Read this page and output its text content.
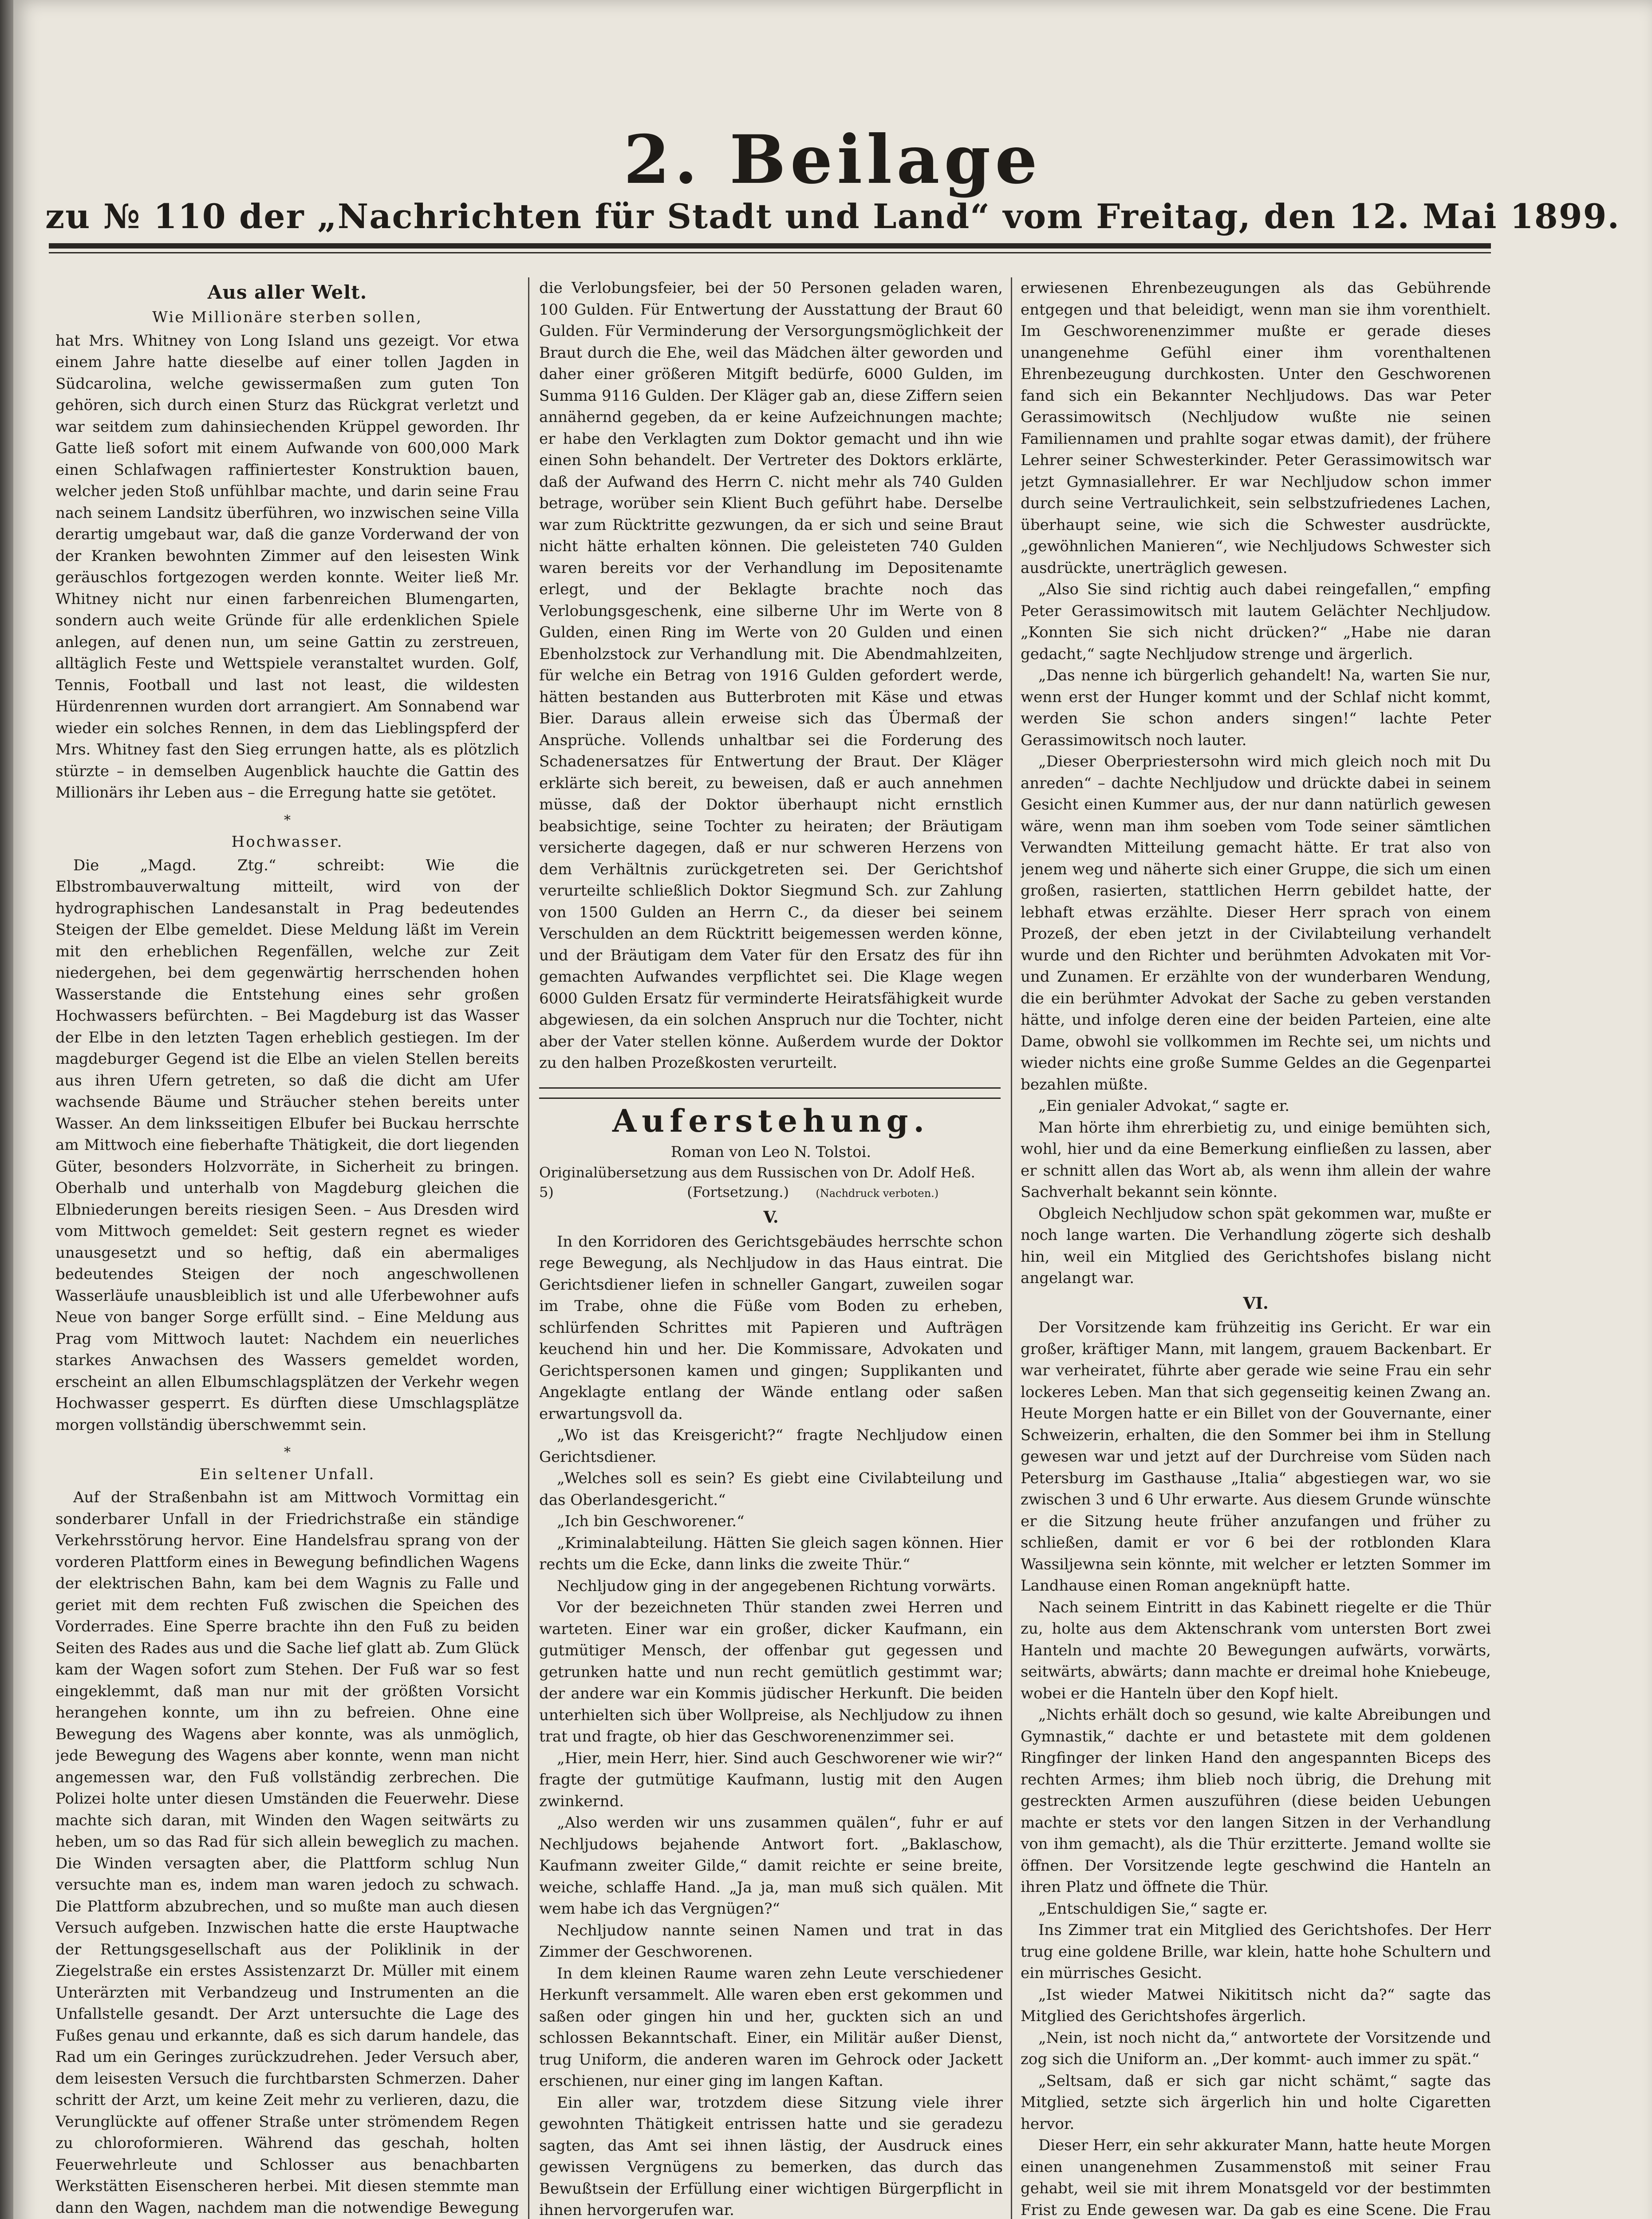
2. Beilage
zu № 110 der „Nachrichten für Stadt und Land“ vom Freitag, den 12. Mai 1899.
Aus aller Welt.
Wie Millionäre sterben sollen,

hat Mrs. Whitney von Long Island uns gezeigt. Vor etwa einem Jahre hatte dieselbe auf einer tollen Jagden in Südcarolina, welche gewissermaßen zum guten Ton gehören, sich durch einen Sturz das Rückgrat verletzt und war seitdem zum dahinsiechenden Krüppel geworden. Ihr Gatte ließ sofort mit einem Aufwande von 600,000 Mark einen Schlafwagen raffiniertester Konstruktion bauen, welcher jeden Stoß unfühlbar machte, und darin seine Frau nach seinem Landsitz überführen, wo inzwischen seine Villa derartig umgebaut war, daß die ganze Vorderwand der von der Kranken bewohnten Zimmer auf den leisesten Wink geräuschlos fortgezogen werden konnte. Weiter ließ Mr. Whitney nicht nur einen farbenreichen Blumengarten, sondern auch weite Gründe für alle erdenklichen Spiele anlegen, auf denen nun, um seine Gattin zu zerstreuen, alltäglich Feste und Wettspiele veranstaltet wurden. Golf, Tennis, Football und last not least, die wildesten Hürdenrennen wurden dort arrangiert. Am Sonnabend war wieder ein solches Rennen, in dem das Lieblingspferd der Mrs. Whitney fast den Sieg errungen hatte, als es plötzlich stürzte – in demselben Augenblick hauchte die Gattin des Millionärs ihr Leben aus – die Erregung hatte sie getötet.

*
Hochwasser.

Die „Magd. Ztg.“ schreibt: Wie die Elbstrombauverwaltung mitteilt, wird von der hydrographischen Landesanstalt in Prag bedeutendes Steigen der Elbe gemeldet. Diese Meldung läßt im Verein mit den erheblichen Regenfällen, welche zur Zeit niedergehen, bei dem gegenwärtig herrschenden hohen Wasserstande die Entstehung eines sehr großen Hochwassers befürchten. – Bei Magdeburg ist das Wasser der Elbe in den letzten Tagen erheblich gestiegen. Im der magdeburger Gegend ist die Elbe an vielen Stellen bereits aus ihren Ufern getreten, so daß die dicht am Ufer wachsende Bäume und Sträucher stehen bereits unter Wasser. An dem linksseitigen Elbufer bei Buckau herrschte am Mittwoch eine fieberhafte Thätigkeit, die dort liegenden Güter, besonders Holzvorräte, in Sicherheit zu bringen. Oberhalb und unterhalb von Magdeburg gleichen die Elbniederungen bereits riesigen Seen. – Aus Dresden wird vom Mittwoch gemeldet: Seit gestern regnet es wieder unausgesetzt und so heftig, daß ein abermaliges bedeutendes Steigen der noch angeschwollenen Wasserläufe unausbleiblich ist und alle Uferbewohner aufs Neue von banger Sorge erfüllt sind. – Eine Meldung aus Prag vom Mittwoch lautet: Nachdem ein neuerliches starkes Anwachsen des Wassers gemeldet worden, erscheint an allen Elbumschlagsplätzen der Verkehr wegen Hochwasser gesperrt. Es dürften diese Umschlagsplätze morgen vollständig überschwemmt sein.

*
Ein seltener Unfall.

Auf der Straßenbahn ist am Mittwoch Vormittag ein sonderbarer Unfall in der Friedrichstraße ein ständige Verkehrsstörung hervor. Eine Handelsfrau sprang von der vorderen Plattform eines in Bewegung befindlichen Wagens der elektrischen Bahn, kam bei dem Wagnis zu Falle und geriet mit dem rechten Fuß zwischen die Speichen des Vorderrades. Eine Sperre brachte ihn den Fuß zu beiden Seiten des Rades aus und die Sache lief glatt ab. Zum Glück kam der Wagen sofort zum Stehen. Der Fuß war so fest eingeklemmt, daß man nur mit der größten Vorsicht herangehen konnte, um ihn zu befreien. Ohne eine Bewegung des Wagens aber konnte, was als unmöglich, jede Bewegung des Wagens aber konnte, wenn man nicht angemessen war, den Fuß vollständig zerbrechen. Die Polizei holte unter diesen Umständen die Feuerwehr. Diese machte sich daran, mit Winden den Wagen seitwärts zu heben, um so das Rad für sich allein beweglich zu machen. Die Winden versagten aber, die Plattform schlug Nun versuchte man es, indem man waren jedoch zu schwach. Die Plattform abzubrechen, und so mußte man auch diesen Versuch aufgeben. Inzwischen hatte die erste Hauptwache der Rettungsgesellschaft aus der Poliklinik in der Ziegelstraße ein erstes Assistenzarzt Dr. Müller mit einem Unterärzten mit Verbandzeug und Instrumenten an die Unfallstelle gesandt. Der Arzt untersuchte die Lage des Fußes genau und erkannte, daß es sich darum handele, das Rad um ein Geringes zurückzudrehen. Jeder Versuch aber, dem leisesten Versuch die furchtbarsten Schmerzen. Daher schritt der Arzt, um keine Zeit mehr zu verlieren, dazu, die Verunglückte auf offener Straße unter strömendem Regen zu chloroformieren. Während das geschah, holten Feuerwehrleute und Schlosser aus benachbarten Werkstätten Eisenscheren herbei. Mit diesen stemmte man dann den Wagen, nachdem man die notwendige Bewegung

die Verlobungsfeier, bei der 50 Personen geladen waren, 100 Gulden. Für Entwertung der Ausstattung der Braut 60 Gulden. Für Verminderung der Versorgungsmöglichkeit der Braut durch die Ehe, weil das Mädchen älter geworden und daher einer größeren Mitgift bedürfe, 6000 Gulden, im Summa 9116 Gulden. Der Kläger gab an, diese Ziffern seien annähernd gegeben, da er keine Aufzeichnungen machte; er habe den Verklagten zum Doktor gemacht und ihn wie einen Sohn behandelt. Der Vertreter des Doktors erklärte, daß der Aufwand des Herrn C. nicht mehr als 740 Gulden betrage, worüber sein Klient Buch geführt habe. Derselbe war zum Rücktritte gezwungen, da er sich und seine Braut nicht hätte erhalten können. Die geleisteten 740 Gulden waren bereits vor der Verhandlung im Depositenamte erlegt, und der Beklagte brachte noch das Verlobungsgeschenk, eine silberne Uhr im Werte von 8 Gulden, einen Ring im Werte von 20 Gulden und einen Ebenholzstock zur Verhandlung mit. Die Abendmahlzeiten, für welche ein Betrag von 1916 Gulden gefordert werde, hätten bestanden aus Butterbroten mit Käse und etwas Bier. Daraus allein erweise sich das Übermaß der Ansprüche. Vollends unhaltbar sei die Forderung des Schadenersatzes für Entwertung der Braut. Der Kläger erklärte sich bereit, zu beweisen, daß er auch annehmen müsse, daß der Doktor überhaupt nicht ernstlich beabsichtige, seine Tochter zu heiraten; der Bräutigam versicherte dagegen, daß er nur schweren Herzens von dem Verhältnis zurückgetreten sei. Der Gerichtshof verurteilte schließlich Doktor Siegmund Sch. zur Zahlung von 1500 Gulden an Herrn C., da dieser bei seinem Verschulden an dem Rücktritt beigemessen werden könne, und der Bräutigam dem Vater für den Ersatz des für ihn gemachten Aufwandes verpflichtet sei. Die Klage wegen 6000 Gulden Ersatz für verminderte Heiratsfähigkeit wurde abgewiesen, da ein solchen Anspruch nur die Tochter, nicht aber der Vater stellen könne. Außerdem wurde der Doktor zu den halben Prozeßkosten verurteilt.

Auferstehung.
Roman von Leo N. Tolstoi.
Originalübersetzung aus dem Russischen von Dr. Adolf Heß.
5)	(Fortsetzung.)	(Nachdruck verboten.)
V.

In den Korridoren des Gerichtsgebäudes herrschte schon rege Bewegung, als Nechljudow in das Haus eintrat. Die Gerichtsdiener liefen in schneller Gangart, zuweilen sogar im Trabe, ohne die Füße vom Boden zu erheben, schlürfenden Schrittes mit Papieren und Aufträgen keuchend hin und her. Die Kommissare, Advokaten und Gerichtspersonen kamen und gingen; Supplikanten und Angeklagte entlang der Wände entlang oder saßen erwartungsvoll da.

„Wo ist das Kreisgericht?“ fragte Nechljudow einen Gerichtsdiener.

„Welches soll es sein? Es giebt eine Civilabteilung und das Oberlandesgericht.“

„Ich bin Geschworener.“

„Kriminalabteilung. Hätten Sie gleich sagen können. Hier rechts um die Ecke, dann links die zweite Thür.“

Nechljudow ging in der angegebenen Richtung vorwärts.

Vor der bezeichneten Thür standen zwei Herren und warteten. Einer war ein großer, dicker Kaufmann, ein gutmütiger Mensch, der offenbar gut gegessen und getrunken hatte und nun recht gemütlich gestimmt war; der andere war ein Kommis jüdischer Herkunft. Die beiden unterhielten sich über Wollpreise, als Nechljudow zu ihnen trat und fragte, ob hier das Geschworenenzimmer sei.

„Hier, mein Herr, hier. Sind auch Geschworener wie wir?“ fragte der gutmütige Kaufmann, lustig mit den Augen zwinkernd.

„Also werden wir uns zusammen quälen“, fuhr er auf Nechljudows bejahende Antwort fort. „Baklaschow, Kaufmann zweiter Gilde,“ damit reichte er seine breite, weiche, schlaffe Hand. „Ja ja, man muß sich quälen. Mit wem habe ich das Vergnügen?“

Nechljudow nannte seinen Namen und trat in das Zimmer der Geschworenen.

In dem kleinen Raume waren zehn Leute verschiedener Herkunft versammelt. Alle waren eben erst gekommen und saßen oder gingen hin und her, guckten sich an und schlossen Bekanntschaft. Einer, ein Militär außer Dienst, trug Uniform, die anderen waren im Gehrock oder Jackett erschienen, nur einer ging im langen Kaftan.

Ein aller war, trotzdem diese Sitzung viele ihrer gewohnten Thätigkeit entrissen hatte und sie geradezu sagten, das Amt sei ihnen lästig, der Ausdruck eines gewissen Vergnügens zu bemerken, das durch das Bewußtsein der Erfüllung einer wichtigen Bürgerpflicht in ihnen hervorgerufen war.

erwiesenen Ehrenbezeugungen als das Gebührende entgegen und that beleidigt, wenn man sie ihm vorenthielt. Im Geschworenenzimmer mußte er gerade dieses unangenehme Gefühl einer ihm vorenthaltenen Ehrenbezeugung durchkosten. Unter den Geschworenen fand sich ein Bekannter Nechljudows. Das war Peter Gerassimowitsch (Nechljudow wußte nie seinen Familiennamen und prahlte sogar etwas damit), der frühere Lehrer seiner Schwesterkinder. Peter Gerassimowitsch war jetzt Gymnasiallehrer. Er war Nechljudow schon immer durch seine Vertraulichkeit, sein selbstzufriedenes Lachen, überhaupt seine, wie sich die Schwester ausdrückte, „gewöhnlichen Manieren“, wie Nechljudows Schwester sich ausdrückte, unerträglich gewesen.

„Also Sie sind richtig auch dabei reingefallen,“ empfing Peter Gerassimowitsch mit lautem Gelächter Nechljudow. „Konnten Sie sich nicht drücken?“ „Habe nie daran gedacht,“ sagte Nechljudow strenge und ärgerlich.

„Das nenne ich bürgerlich gehandelt! Na, warten Sie nur, wenn erst der Hunger kommt und der Schlaf nicht kommt, werden Sie schon anders singen!“ lachte Peter Gerassimowitsch noch lauter.

„Dieser Oberpriestersohn wird mich gleich noch mit Du anreden“ – dachte Nechljudow und drückte dabei in seinem Gesicht einen Kummer aus, der nur dann natürlich gewesen wäre, wenn man ihm soeben vom Tode seiner sämtlichen Verwandten Mitteilung gemacht hätte. Er trat also von jenem weg und näherte sich einer Gruppe, die sich um einen großen, rasierten, stattlichen Herrn gebildet hatte, der lebhaft etwas erzählte. Dieser Herr sprach von einem Prozeß, der eben jetzt in der Civilabteilung verhandelt wurde und den Richter und berühmten Advokaten mit Vor- und Zunamen. Er erzählte von der wunderbaren Wendung, die ein berühmter Advokat der Sache zu geben verstanden hätte, und infolge deren eine der beiden Parteien, eine alte Dame, obwohl sie vollkommen im Rechte sei, um nichts und wieder nichts eine große Summe Geldes an die Gegenpartei bezahlen müßte.

„Ein genialer Advokat,“ sagte er.

Man hörte ihm ehrerbietig zu, und einige bemühten sich, wohl, hier und da eine Bemerkung einfließen zu lassen, aber er schnitt allen das Wort ab, als wenn ihm allein der wahre Sachverhalt bekannt sein könnte.

Obgleich Nechljudow schon spät gekommen war, mußte er noch lange warten. Die Verhandlung zögerte sich deshalb hin, weil ein Mitglied des Gerichtshofes bislang nicht angelangt war.

VI.

Der Vorsitzende kam frühzeitig ins Gericht. Er war ein großer, kräftiger Mann, mit langem, grauem Backenbart. Er war verheiratet, führte aber gerade wie seine Frau ein sehr lockeres Leben. Man that sich gegenseitig keinen Zwang an. Heute Morgen hatte er ein Billet von der Gouvernante, einer Schweizerin, erhalten, die den Sommer bei ihm in Stellung gewesen war und jetzt auf der Durchreise vom Süden nach Petersburg im Gasthause „Italia“ abgestiegen war, wo sie zwischen 3 und 6 Uhr erwarte. Aus diesem Grunde wünschte er die Sitzung heute früher anzufangen und früher zu schließen, damit er vor 6 bei der rotblonden Klara Wassiljewna sein könnte, mit welcher er letzten Sommer im Landhause einen Roman angeknüpft hatte.

Nach seinem Eintritt in das Kabinett riegelte er die Thür zu, holte aus dem Aktenschrank vom untersten Bort zwei Hanteln und machte 20 Bewegungen aufwärts, vorwärts, seitwärts, abwärts; dann machte er dreimal hohe Kniebeuge, wobei er die Hanteln über den Kopf hielt.

„Nichts erhält doch so gesund, wie kalte Abreibungen und Gymnastik,“ dachte er und betastete mit dem goldenen Ringfinger der linken Hand den angespannten Biceps des rechten Armes; ihm blieb noch übrig, die Drehung mit gestreckten Armen auszuführen (diese beiden Uebungen machte er stets vor den langen Sitzen in der Verhandlung von ihm gemacht), als die Thür erzitterte. Jemand wollte sie öffnen. Der Vorsitzende legte geschwind die Hanteln an ihren Platz und öffnete die Thür.

„Entschuldigen Sie,“ sagte er.

Ins Zimmer trat ein Mitglied des Gerichtshofes. Der Herr trug eine goldene Brille, war klein, hatte hohe Schultern und ein mürrisches Gesicht.

„Ist wieder Matwei Nikititsch nicht da?“ sagte das Mitglied des Gerichtshofes ärgerlich.

„Nein, ist noch nicht da,“ antwortete der Vorsitzende und zog sich die Uniform an. „Der kommt- auch immer zu spät.“

„Seltsam, daß er sich gar nicht schämt,“ sagte das Mitglied, setzte sich ärgerlich hin und holte Cigaretten hervor.

Dieser Herr, ein sehr akkurater Mann, hatte heute Morgen einen unangenehmen Zusammenstoß mit seiner Frau gehabt, weil sie mit ihrem Monatsgeld vor der bestimmten Frist zu Ende gewesen war. Da gab es eine Scene. Die Frau
